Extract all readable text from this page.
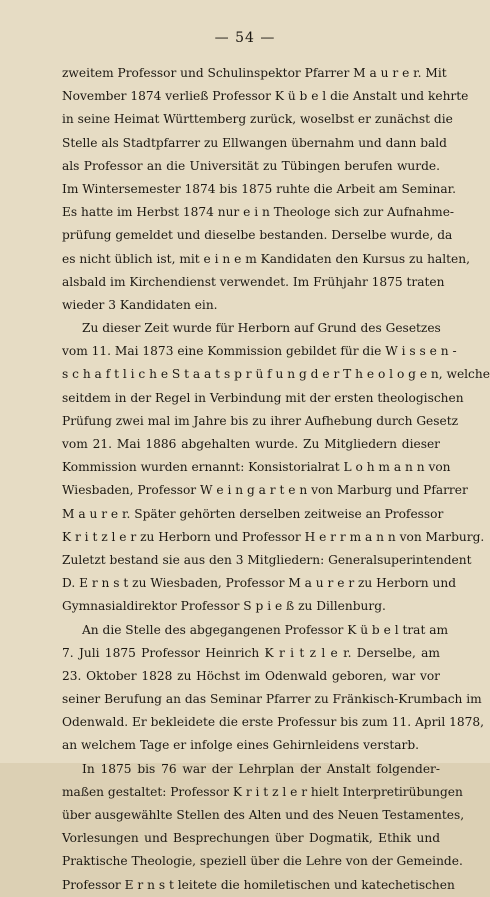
— 54 —
zweitem Professor und Schulinspektor Pfarrer M a u r e r. Mit
November 1874 verließ Professor K ü b e l die Anstalt und kehrte
in seine Heimat Württemberg zurück, woselbst er zunächst die
Stelle als Stadtpfarrer zu Ellwangen übernahm und dann bald
als Professor an die Universität zu Tübingen berufen wurde.
Im Wintersemester 1874 bis 1875 ruhte die Arbeit am Seminar.
Es hatte im Herbst 1874 nur e i n Theologe sich zur Aufnahme-
prüfung gemeldet und dieselbe bestanden. Derselbe wurde, da
es nicht üblich ist, mit e i n e m Kandidaten den Kursus zu halten,
alsbald im Kirchendienst verwendet. Im Frühjahr 1875 traten
wieder 3 Kandidaten ein.
Zu dieser Zeit wurde für Herborn auf Grund des Gesetzes
vom 11. Mai 1873 eine Kommission gebildet für die W i s s e n -
s c h a f t l i c h e S t a a t s p r ü f u n g d e r T h e o l o g e n, welche
seitdem in der Regel in Verbindung mit der ersten theologischen
Prüfung zwei mal im Jahre bis zu ihrer Aufhebung durch Gesetz
vom 21. Mai 1886 abgehalten wurde. Zu Mitgliedern dieser
Kommission wurden ernannt: Konsistorialrat L o h m a n n von
Wiesbaden, Professor W e i n g a r t e n von Marburg und Pfarrer
M a u r e r. Später gehörten derselben zeitweise an Professor
K r i t z l e r zu Herborn und Professor H e r r m a n n von Marburg.
Zuletzt bestand sie aus den 3 Mitgliedern: Generalsuperintendent
D. E r n s t zu Wiesbaden, Professor M a u r e r zu Herborn und
Gymnasialdirektor Professor S p i e ß zu Dillenburg.
An die Stelle des abgegangenen Professor K ü b e l trat am
7. Juli 1875 Professor Heinrich K r i t z l e r. Derselbe, am
23. Oktober 1828 zu Höchst im Odenwald geboren, war vor
seiner Berufung an das Seminar Pfarrer zu Fränkisch-Krumbach im
Odenwald. Er bekleidete die erste Professur bis zum 11. April 1878,
an welchem Tage er infolge eines Gehirnleidens verstarb.
In 1875 bis 76 war der Lehrplan der Anstalt folgender-
maßen gestaltet: Professor K r i t z l e r hielt Interpretirübungen
über ausgewählte Stellen des Alten und des Neuen Testamentes,
Vorlesungen und Besprechungen über Dogmatik, Ethik und
Praktische Theologie, speziell über die Lehre von der Gemeinde.
Professor E r n s t leitete die homiletischen und katechetischen
